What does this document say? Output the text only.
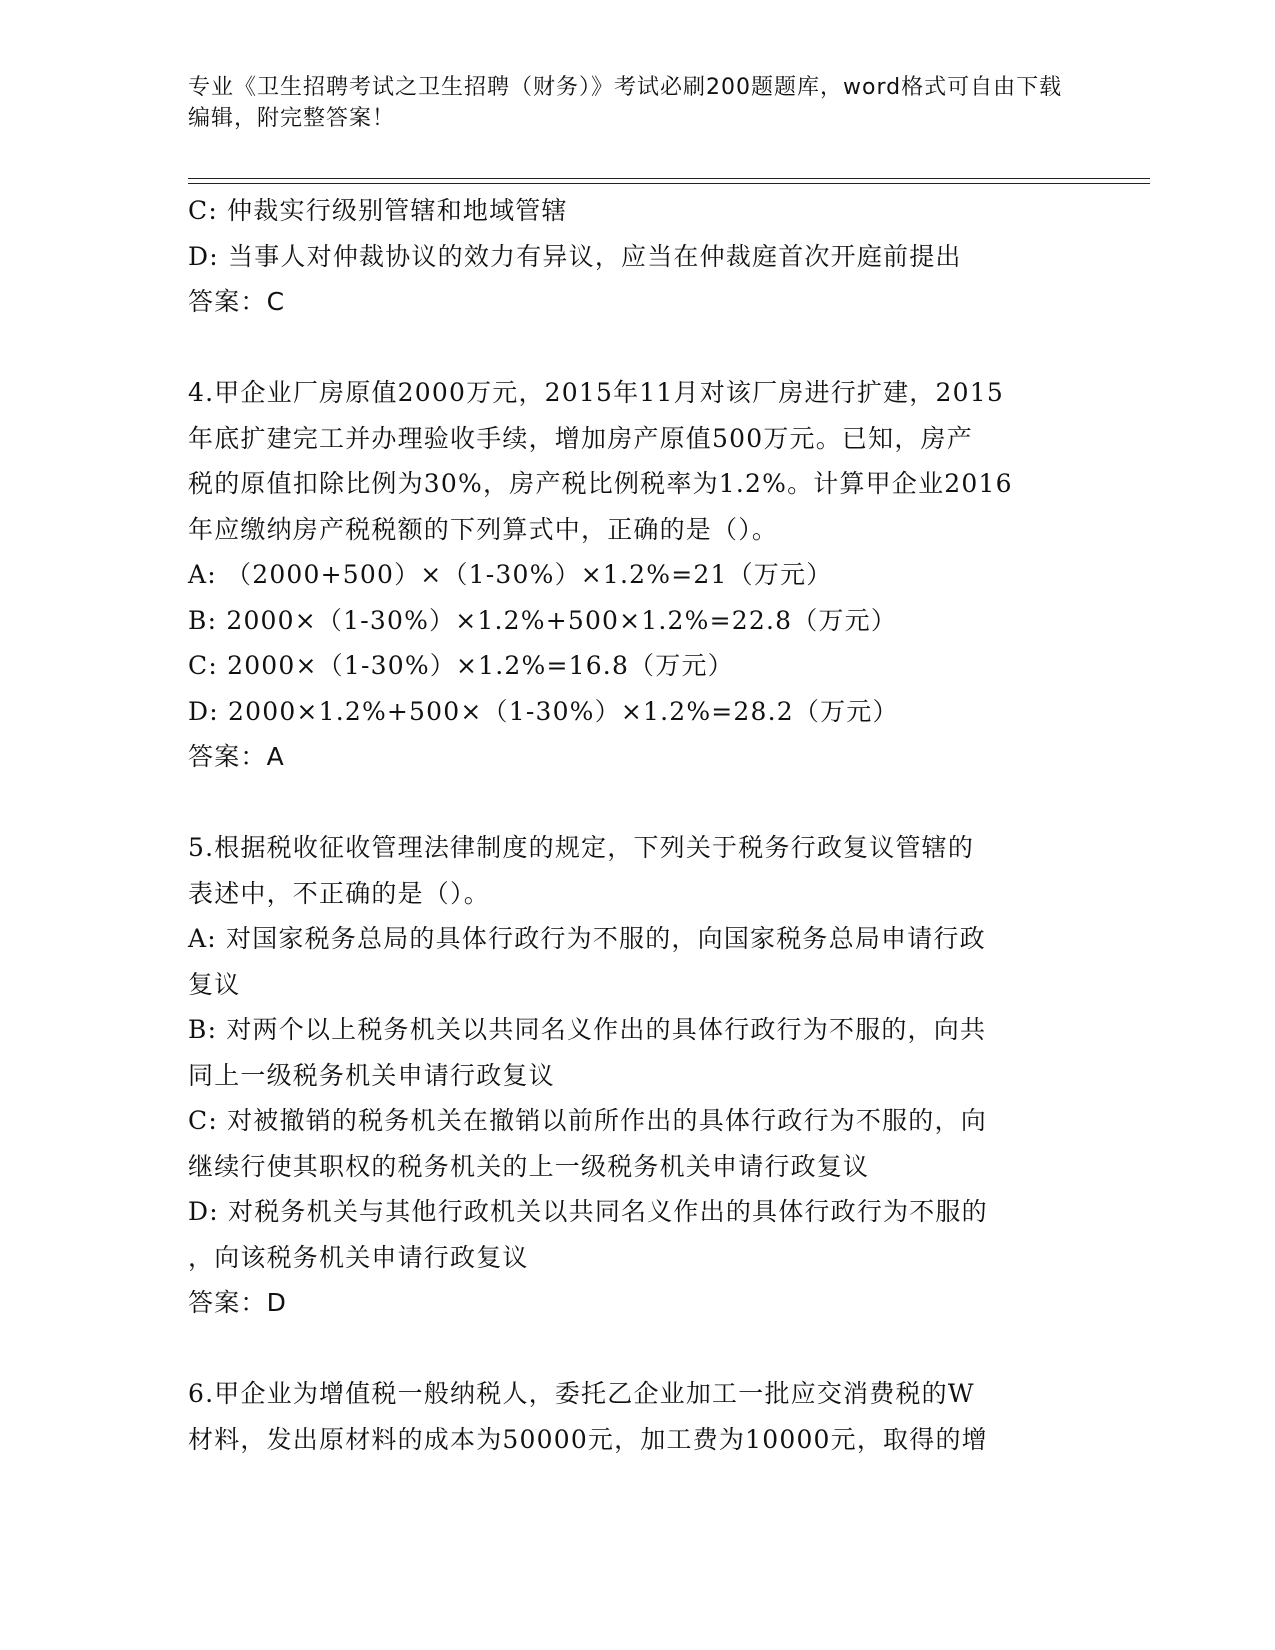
专业《卫生招聘考试之卫生招聘（财务）》考试必刷200题题库，word格式可自由下载编辑，附完整答案！

C: 仲裁实行级别管辖和地域管辖

D: 当事人对仲裁协议的效力有异议，应当在仲裁庭首次开庭前提出

答案：C

4.甲企业厂房原值2000万元，2015年11月对该厂房进行扩建，2015

年底扩建完工并办理验收手续，增加房产原值500万元。已知，房产

税的原值扣除比例为30%，房产税比例税率为1.2%。计算甲企业2016

年应缴纳房产税税额的下列算式中，正确的是（）。

A: （2000+500）×（1-30%）×1.2%=21（万元）

B: 2000×（1-30%）×1.2%+500×1.2%=22.8（万元）

C: 2000×（1-30%）×1.2%=16.8（万元）

D: 2000×1.2%+500×（1-30%）×1.2%=28.2（万元）

答案：A

5.根据税收征收管理法律制度的规定，下列关于税务行政复议管辖的

表述中，不正确的是（）。

A: 对国家税务总局的具体行政行为不服的，向国家税务总局申请行政

复议

B: 对两个以上税务机关以共同名义作出的具体行政行为不服的，向共

同上一级税务机关申请行政复议

C: 对被撤销的税务机关在撤销以前所作出的具体行政行为不服的，向

继续行使其职权的税务机关的上一级税务机关申请行政复议

D: 对税务机关与其他行政机关以共同名义作出的具体行政行为不服的

，向该税务机关申请行政复议

答案：D

6.甲企业为增值税一般纳税人，委托乙企业加工一批应交消费税的W

材料，发出原材料的成本为50000元，加工费为10000元，取得的增
